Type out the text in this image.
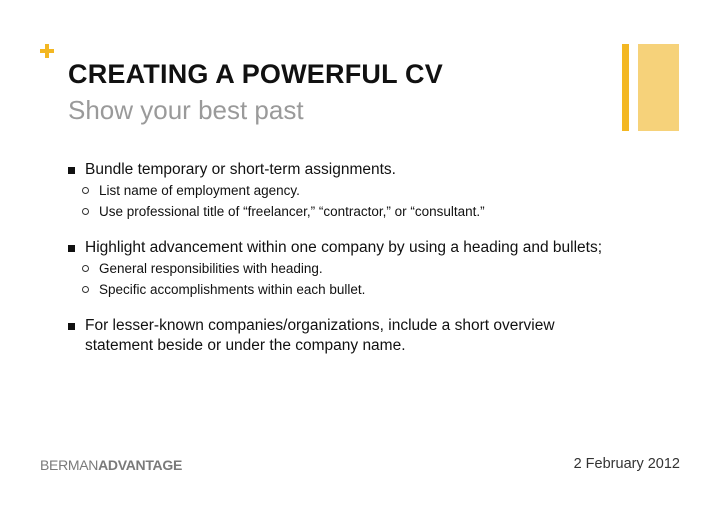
CREATING A POWERFUL CV
Show your best past
Bundle temporary or short-term assignments.
List name of employment agency.
Use professional title of “freelancer,” “contractor,” or “consultant.”
Highlight advancement within one company by using a heading and bullets;
General responsibilities with heading.
Specific accomplishments within each bullet.
For lesser-known companies/organizations, include a short overview statement beside or under the company name.
BERMANADVANTAGE	2 February 2012
